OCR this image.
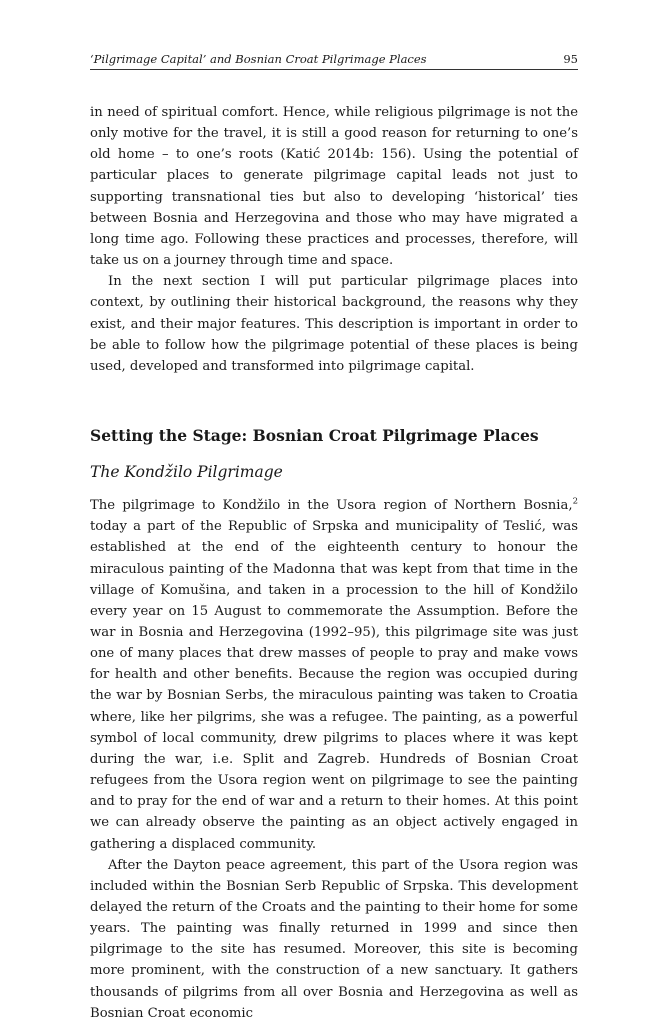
‘Pilgrimage Capital’ and Bosnian Croat Pilgrimage Places	95

in need of spiritual comfort. Hence, while religious pilgrimage is not the only motive for the travel, it is still a good reason for returning to one’s old home – to one’s roots (Katić 2014b: 156). Using the potential of particular places to generate pilgrimage capital leads not just to supporting transnational ties but also to developing ‘historical’ ties between Bosnia and Herzegovina and those who may have migrated a long time ago. Following these practices and processes, therefore, will take us on a journey through time and space.

In the next section I will put particular pilgrimage places into context, by outlining their historical background, the reasons why they exist, and their major features. This description is important in order to be able to follow how the pilgrimage potential of these places is being used, developed and transformed into pilgrimage capital.

Setting the Stage: Bosnian Croat Pilgrimage Places
The Kondžilo Pilgrimage

The pilgrimage to Kondžilo in the Usora region of Northern Bosnia,$^2$ today a part of the Republic of Srpska and municipality of Teslić, was established at the end of the eighteenth century to honour the miraculous painting of the Madonna that was kept from that time in the village of Komušina, and taken in a procession to the hill of Kondžilo every year on 15 August to commemorate the Assumption. Before the war in Bosnia and Herzegovina (1992–95), this pilgrimage site was just one of many places that drew masses of people to pray and make vows for health and other benefits. Because the region was occupied during the war by Bosnian Serbs, the miraculous painting was taken to Croatia where, like her pilgrims, she was a refugee. The painting, as a powerful symbol of local community, drew pilgrims to places where it was kept during the war, i.e. Split and Zagreb. Hundreds of Bosnian Croat refugees from the Usora region went on pilgrimage to see the painting and to pray for the end of war and a return to their homes. At this point we can already observe the painting as an object actively engaged in gathering a displaced community.

After the Dayton peace agreement, this part of the Usora region was included within the Bosnian Serb Republic of Srpska. This development delayed the return of the Croats and the painting to their home for some years. The painting was finally returned in 1999 and since then pilgrimage to the site has resumed. Moreover, this site is becoming more prominent, with the construction of a new sanctuary. It gathers thousands of pilgrims from all over Bosnia and Herzegovina as well as Bosnian Croat economic
